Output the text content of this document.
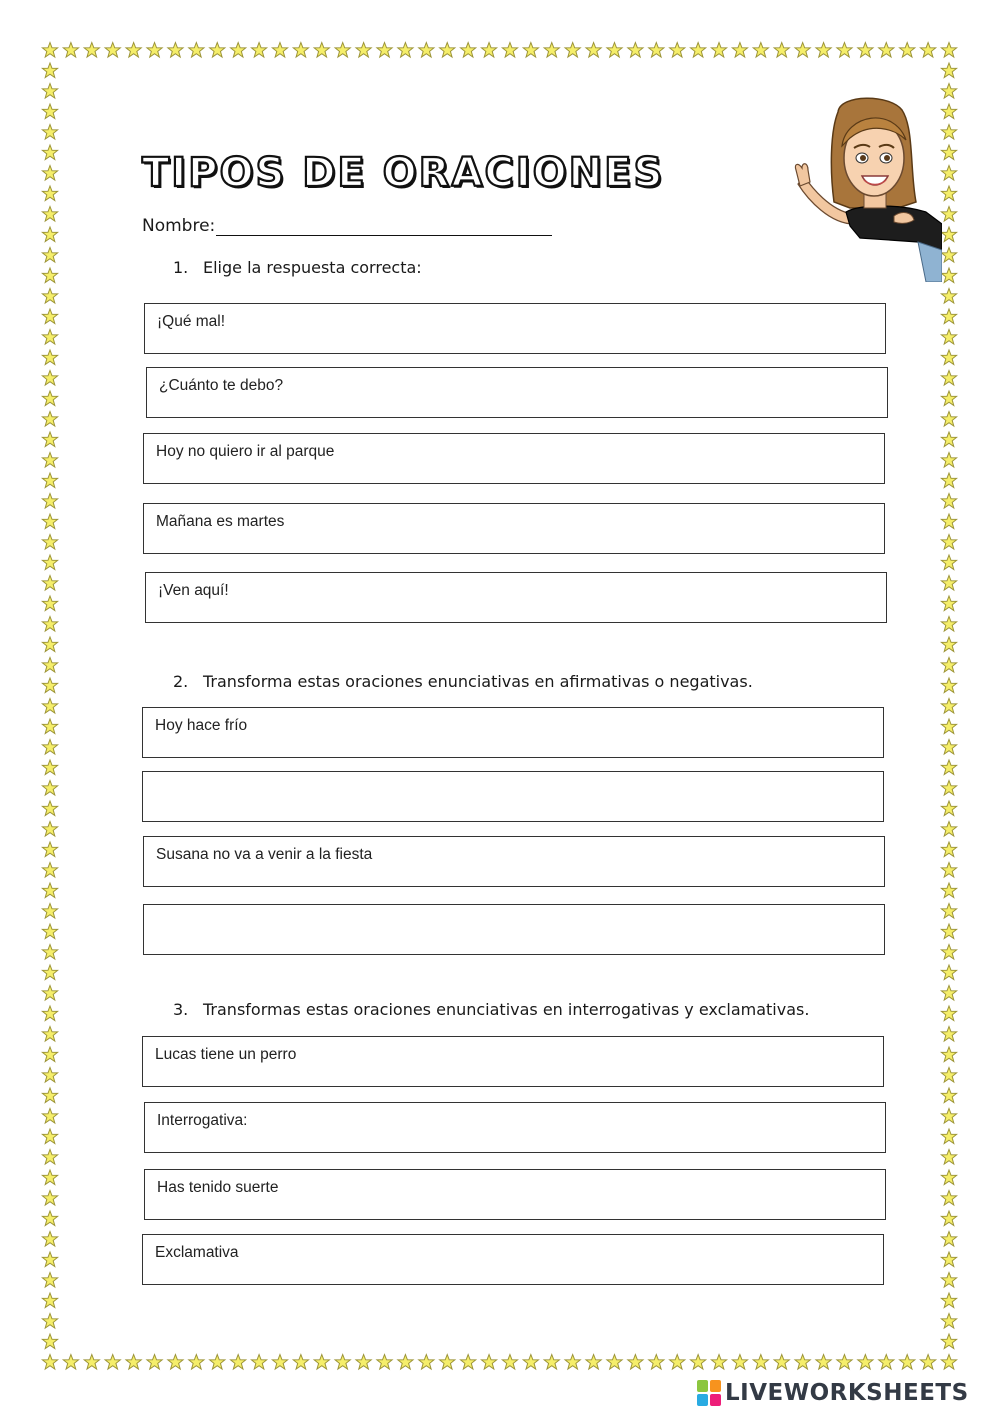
TIPOS DE ORACIONES
Nombre:
1. Elige la respuesta correcta:
¡Qué mal!
¿Cuánto te debo?
Hoy no quiero ir al parque
Mañana es martes
¡Ven aquí!
2. Transforma estas oraciones enunciativas en afirmativas o negativas.
Hoy hace frío
Susana no va a venir a la fiesta
3. Transformas estas oraciones enunciativas en interrogativas y exclamativas.
Lucas tiene un perro
Interrogativa:
Has tenido suerte
Exclamativa
LIVEWORKSHEETS
